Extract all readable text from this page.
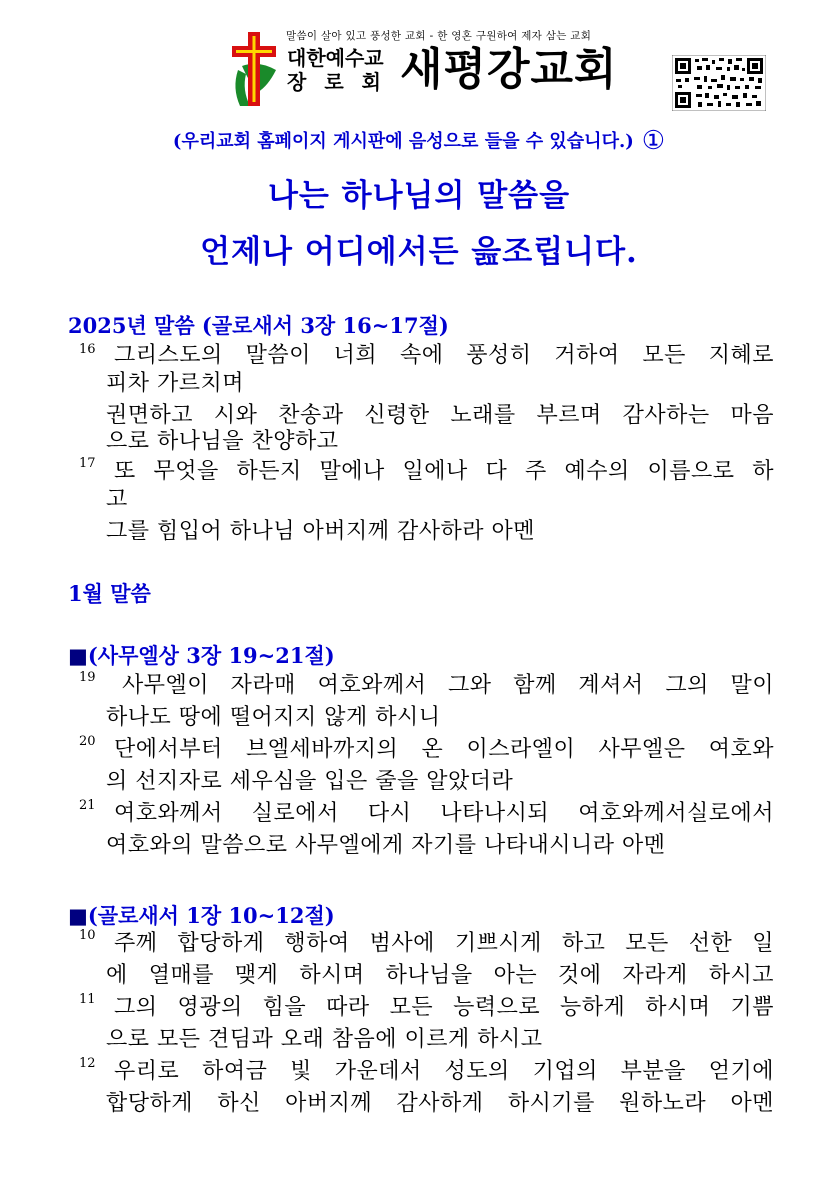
말씀이 살아 있고 풍성한 교회 - 한 영혼 구원하여 제자 삼는 교회
대한예수교
장로회 새평강교회
(우리교회 홈페이지 게시판에 음성으로 들을 수 있습니다.) ①
나는 하나님의 말씀을
언제나 어디에서든 읊조립니다.
2025년 말씀 (골로새서 3장 16~17절)
16 그리스도의 말씀이 너희 속에 풍성히 거하여 모든 지혜로
피차 가르치며
권면하고 시와 찬송과 신령한 노래를 부르며 감사하는 마음
으로 하나님을 찬양하고
17 또 무엇을 하든지 말에나 일에나 다 주 예수의 이름으로 하
고
그를 힘입어 하나님 아버지께 감사하라 아멘
1월 말씀
■(사무엘상 3장 19~21절)
19 사무엘이 자라매 여호와께서 그와 함께 계셔서 그의 말이
하나도 땅에 떨어지지 않게 하시니
20 단에서부터 브엘세바까지의 온 이스라엘이 사무엘은 여호와
의 선지자로 세우심을 입은 줄을 알았더라
21 여호와께서 실로에서 다시 나타나시되 여호와께서실로에서
여호와의 말씀으로 사무엘에게 자기를 나타내시니라 아멘
■(골로새서 1장 10~12절)
10 주께 합당하게 행하여 범사에 기쁘시게 하고 모든 선한 일
에 열매를 맺게 하시며 하나님을 아는 것에 자라게 하시고
11 그의 영광의 힘을 따라 모든 능력으로 능하게 하시며 기쁨
으로 모든 견딤과 오래 참음에 이르게 하시고
12 우리로 하여금 빛 가운데서 성도의 기업의 부분을 얻기에
합당하게 하신 아버지께 감사하게 하시기를 원하노라 아멘
